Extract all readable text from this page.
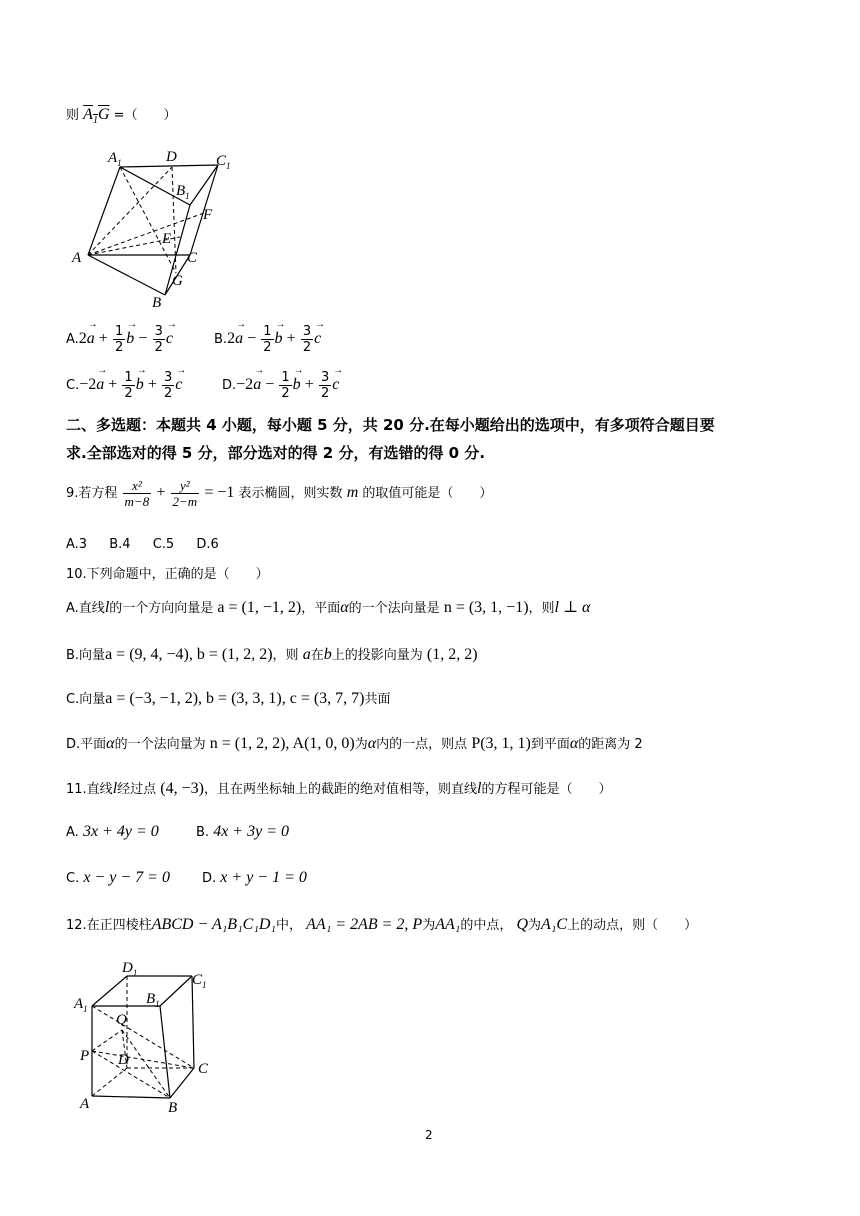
则 $A_1G$ =（　　）
$A_1$	D	$C_1$
$B_1$
F
E
A	C
G
B
$A.2\to a + \frac{1}{2} \to b - \frac{3}{2} \to c$	$B.2\to a - \frac{1}{2} \to b + \frac{3}{2} \to c$
$C.-2\to a + \frac{1}{2} \to b + \frac{3}{2} \to c$	$D.-2\to a - \frac{1}{2} \to b + \frac{3}{2} \to c$
二、多选题：本题共 4 小题，每小题 5 分，共 20 分.在每小题给出的选项中，有多项符合题目要
求.全部选对的得 5 分，部分选对的得 2 分，有选错的得 0 分.
9.若方程 $\frac{\text{x²}}{m-8} + \frac{\text{y²}}{2-m} = -1$ 表示椭圆，则实数 m 的取值可能是（　　）
A.3 B.4 C.5 D.6
10.下列命题中，正确的是（　　）
A.直线l的一个方向向量是 a = (1, −1, 2)，平面α的一个法向量是 n = (3, 1, −1)，则l ⊥ α
B.向量a = (9, 4, −4), b = (1, 2, 2)，则 a在b上的投影向量为 (1, 2, 2)
C.向量a = (−3, −1, 2), b = (3, 3, 1), c = (3, 7, 7)共面
D.平面α的一个法向量为 n = (1, 2, 2), A(1, 0, 0)为α内的一点，则点 P(3, 1, 1)到平面α的距离为 2
11.直线l经过点 (4, −3)，且在两坐标轴上的截距的绝对值相等，则直线l的方程可能是（　　）
A. 3x + 4y = 0	B. 4x + 3y = 0
C. x − y − 7 = 0 D. x + y − 1 = 0
12.在正四棱柱ABCD − A₁B₁C₁D₁中， AA₁ = 2AB = 2, P为AA₁的中点， Q为A₁C上的动点，则（　　）
$D_1$	$C_1$
$A_1$
$B_1$
Q
P D
C
A	B
2
